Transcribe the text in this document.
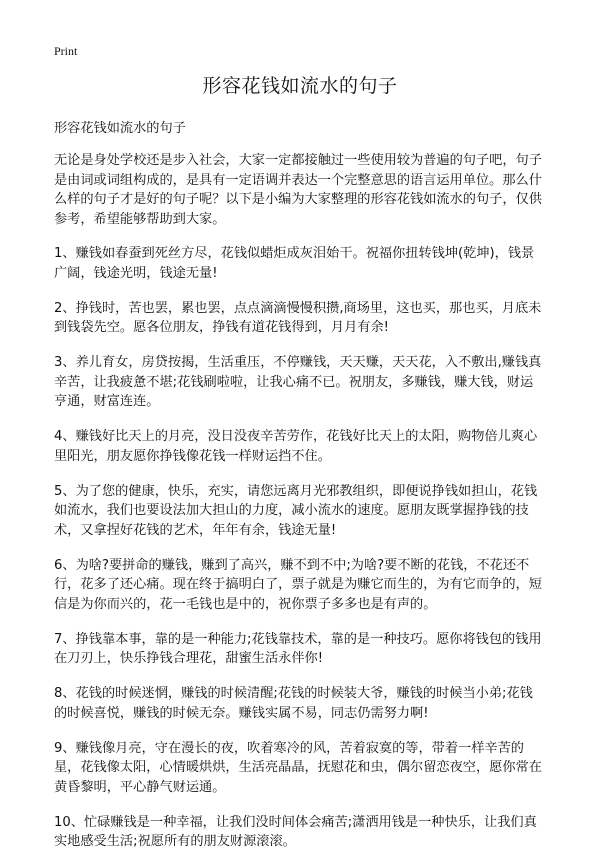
Print
形容花钱如流水的句子

形容花钱如流水的句子

无论是身处学校还是步入社会，大家一定都接触过一些使用较为普遍的句子吧，句子是由词或词组构成的，是具有一定语调并表达一个完整意思的语言运用单位。那么什么样的句子才是好的句子呢？以下是小编为大家整理的形容花钱如流水的句子，仅供参考，希望能够帮助到大家。

1、赚钱如春蚕到死丝方尽，花钱似蜡炬成灰泪始干。祝福你扭转钱坤(乾坤)，钱景广阔，钱途光明，钱途无量!

2、挣钱时，苦也罢，累也罢，点点滴滴慢慢积攒,商场里，这也买，那也买，月底未到钱袋先空。愿各位朋友，挣钱有道花钱得到，月月有余!

3、养儿育女，房贷按揭，生活重压，不停赚钱，天天赚，天天花，入不敷出,赚钱真辛苦，让我疲惫不堪;花钱刷啦啦，让我心痛不已。祝朋友，多赚钱，赚大钱，财运亨通，财富连连。

4、赚钱好比天上的月亮，没日没夜辛苦劳作，花钱好比天上的太阳，购物倍儿爽心里阳光，朋友愿你挣钱像花钱一样财运挡不住。

5、为了您的健康，快乐，充实，请您远离月光邪教组织，即便说挣钱如担山，花钱如流水，我们也要设法加大担山的力度，减小流水的速度。愿朋友既掌握挣钱的技术，又拿捏好花钱的艺术，年年有余，钱途无量!

6、为啥?要拼命的赚钱，赚到了高兴，赚不到不中;为啥?要不断的花钱，不花还不行，花多了还心痛。现在终于搞明白了，票子就是为赚它而生的，为有它而争的，短信是为你而兴的，花一毛钱也是中的，祝你票子多多也是有声的。

7、挣钱靠本事，靠的是一种能力;花钱靠技术，靠的是一种技巧。愿你将钱包的钱用在刀刃上，快乐挣钱合理花，甜蜜生活永伴你!

8、花钱的时候迷惘，赚钱的时候清醒;花钱的时候装大爷，赚钱的时候当小弟;花钱的时候喜悦，赚钱的时候无奈。赚钱实属不易，同志仍需努力啊!

9、赚钱像月亮，守在漫长的夜，吹着寒冷的风，苦着寂寞的等，带着一样辛苦的星，花钱像太阳，心情暖烘烘，生活亮晶晶，抚慰花和虫，偶尔留恋夜空，愿你常在黄昏黎明，平心静气财运通。

10、忙碌赚钱是一种幸福，让我们没时间体会痛苦;潇洒用钱是一种快乐，让我们真实地感受生活;祝愿所有的朋友财源滚滚。
